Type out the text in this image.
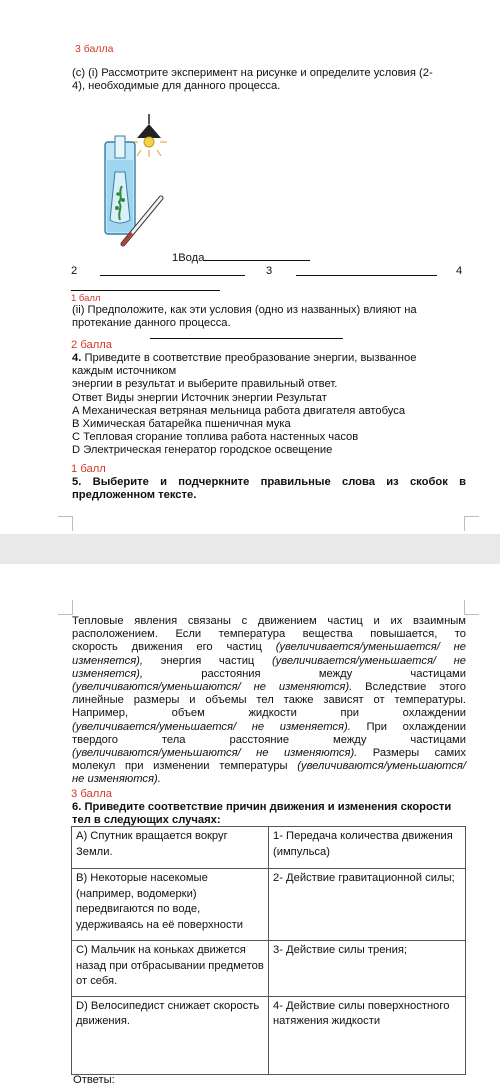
3 балла
(с) (i) Рассмотрите эксперимент на рисунке и определите условия (2-
4), необходимые для данного процесса.
1Вода
2	3	4
1 балл
(ii) Предположите, как эти условия (одно из названных) влияют на
протекание данного процесса.
2 балла
4. Приведите в соответствие преобразование энергии, вызванное
каждым источником
энергии в результат и выберите правильный ответ.
Ответ Виды энергии Источник энергии Результат
A Механическая ветряная мельница работа двигателя автобуса
B Химическая батарейка пшеничная мука
C Тепловая сгорание топлива работа настенных часов
D Электрическая генератор городское освещение
1 балл
5. Выберите и подчеркните правильные слова из скобок в
предложенном тексте.
Тепловые явления связаны с движением частиц и их взаимным
расположением. Если температура вещества повышается, то
скорость движения его частиц (увеличивается/уменьшается/ не
изменяется), энергия частиц (увеличивается/уменьшается/ не
изменяется), расстояния между частицами
(увеличиваются/уменьшаются/ не изменяются). Вследствие этого
линейные размеры и объемы тел также зависят от температуры.
Например, объем жидкости при охлаждении
(увеличивается/уменьшается/ не изменяется). При охлаждении
твердого тела расстояние между частицами
(увеличиваются/уменьшаются/ не изменяются). Размеры самих
молекул при изменении температуры (увеличиваются/уменьшаются/
не изменяются).
3 балла
6. Приведите соответствие причин движения и изменения скорости
тел в следующих случаях:
A) Спутник вращается вокруг Земли.	1- Передача количества движения (импульса)
B) Некоторые насекомые (например, водомерки) передвигаются по воде, удерживаясь на её поверхности	2- Действие гравитационной силы;
C) Мальчик на коньках движется назад при отбрасывании предметов от себя.	3- Действие силы трения;
D) Велосипедист снижает скорость движения.	4- Действие силы поверхностного натяжения жидкости
Ответы:
